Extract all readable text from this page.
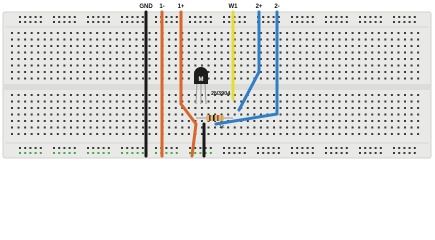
GND 1- 1+	W1	2+ 2-
M
2N3904
1K
